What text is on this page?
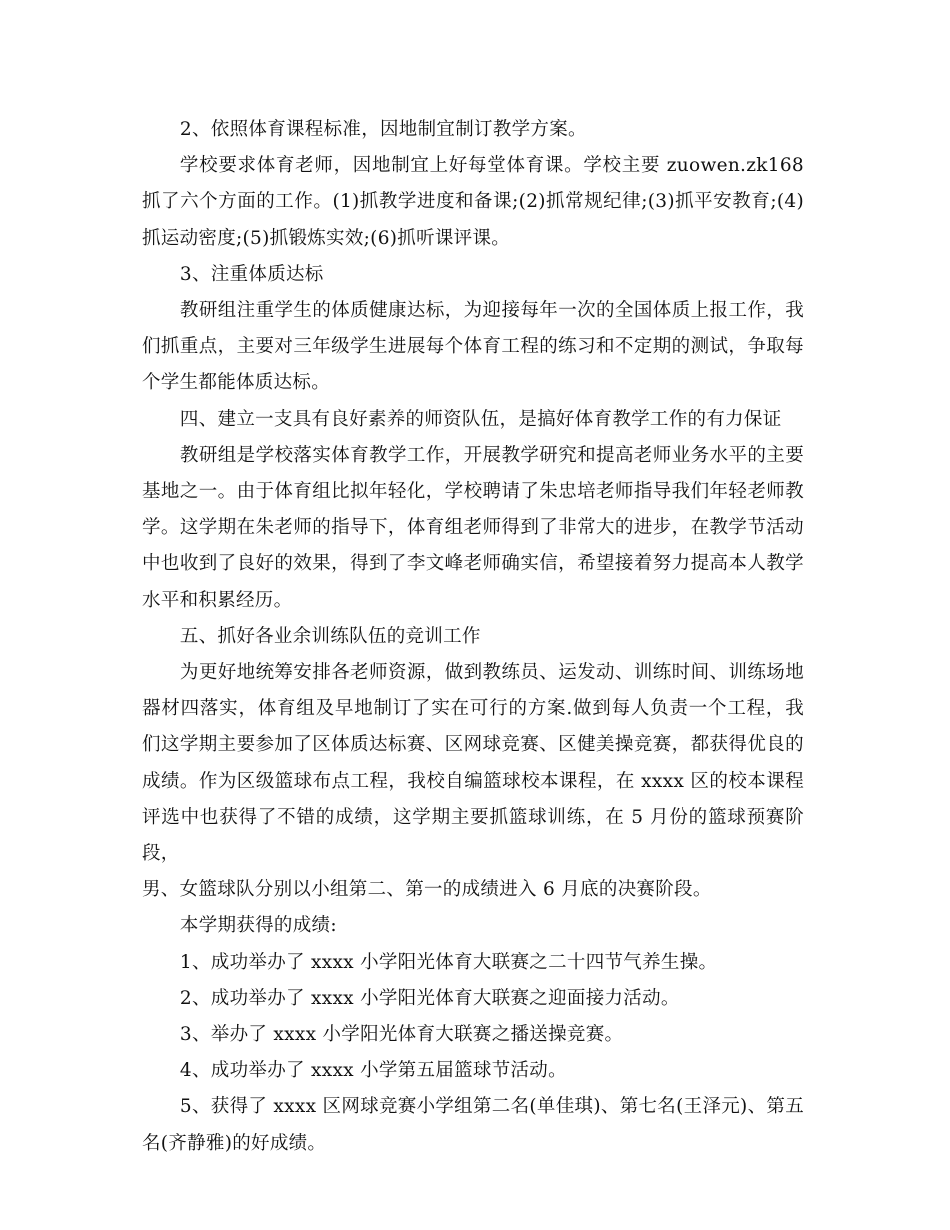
2、依照体育课程标准，因地制宜制订教学方案。

学校要求体育老师，因地制宜上好每堂体育课。学校主要 zuowen.zk168 抓了六个方面的工作。(1)抓教学进度和备课;(2)抓常规纪律;(3)抓平安教育;(4)抓运动密度;(5)抓锻炼实效;(6)抓听课评课。

3、注重体质达标

教研组注重学生的体质健康达标，为迎接每年一次的全国体质上报工作，我们抓重点，主要对三年级学生进展每个体育工程的练习和不定期的测试，争取每个学生都能体质达标。

四、建立一支具有良好素养的师资队伍，是搞好体育教学工作的有力保证

教研组是学校落实体育教学工作，开展教学研究和提高老师业务水平的主要基地之一。由于体育组比拟年轻化，学校聘请了朱忠培老师指导我们年轻老师教学。这学期在朱老师的指导下，体育组老师得到了非常大的进步，在教学节活动中也收到了良好的效果，得到了李文峰老师确实信，希望接着努力提高本人教学水平和积累经历。

五、抓好各业余训练队伍的竞训工作

为更好地统筹安排各老师资源，做到教练员、运发动、训练时间、训练场地器材四落实，体育组及早地制订了实在可行的方案.做到每人负责一个工程，我们这学期主要参加了区体质达标赛、区网球竞赛、区健美操竞赛，都获得优良的成绩。作为区级篮球布点工程，我校自编篮球校本课程，在 xxxx 区的校本课程评选中也获得了不错的成绩，这学期主要抓篮球训练，在 5 月份的篮球预赛阶段，

男、女篮球队分别以小组第二、第一的成绩进入 6 月底的决赛阶段。

本学期获得的成绩:

1、成功举办了 xxxx 小学阳光体育大联赛之二十四节气养生操。

2、成功举办了 xxxx 小学阳光体育大联赛之迎面接力活动。

3、举办了 xxxx 小学阳光体育大联赛之播送操竞赛。

4、成功举办了 xxxx 小学第五届篮球节活动。

5、获得了 xxxx 区网球竞赛小学组第二名(单佳琪)、第七名(王泽元)、第五名(齐静雅)的好成绩。
